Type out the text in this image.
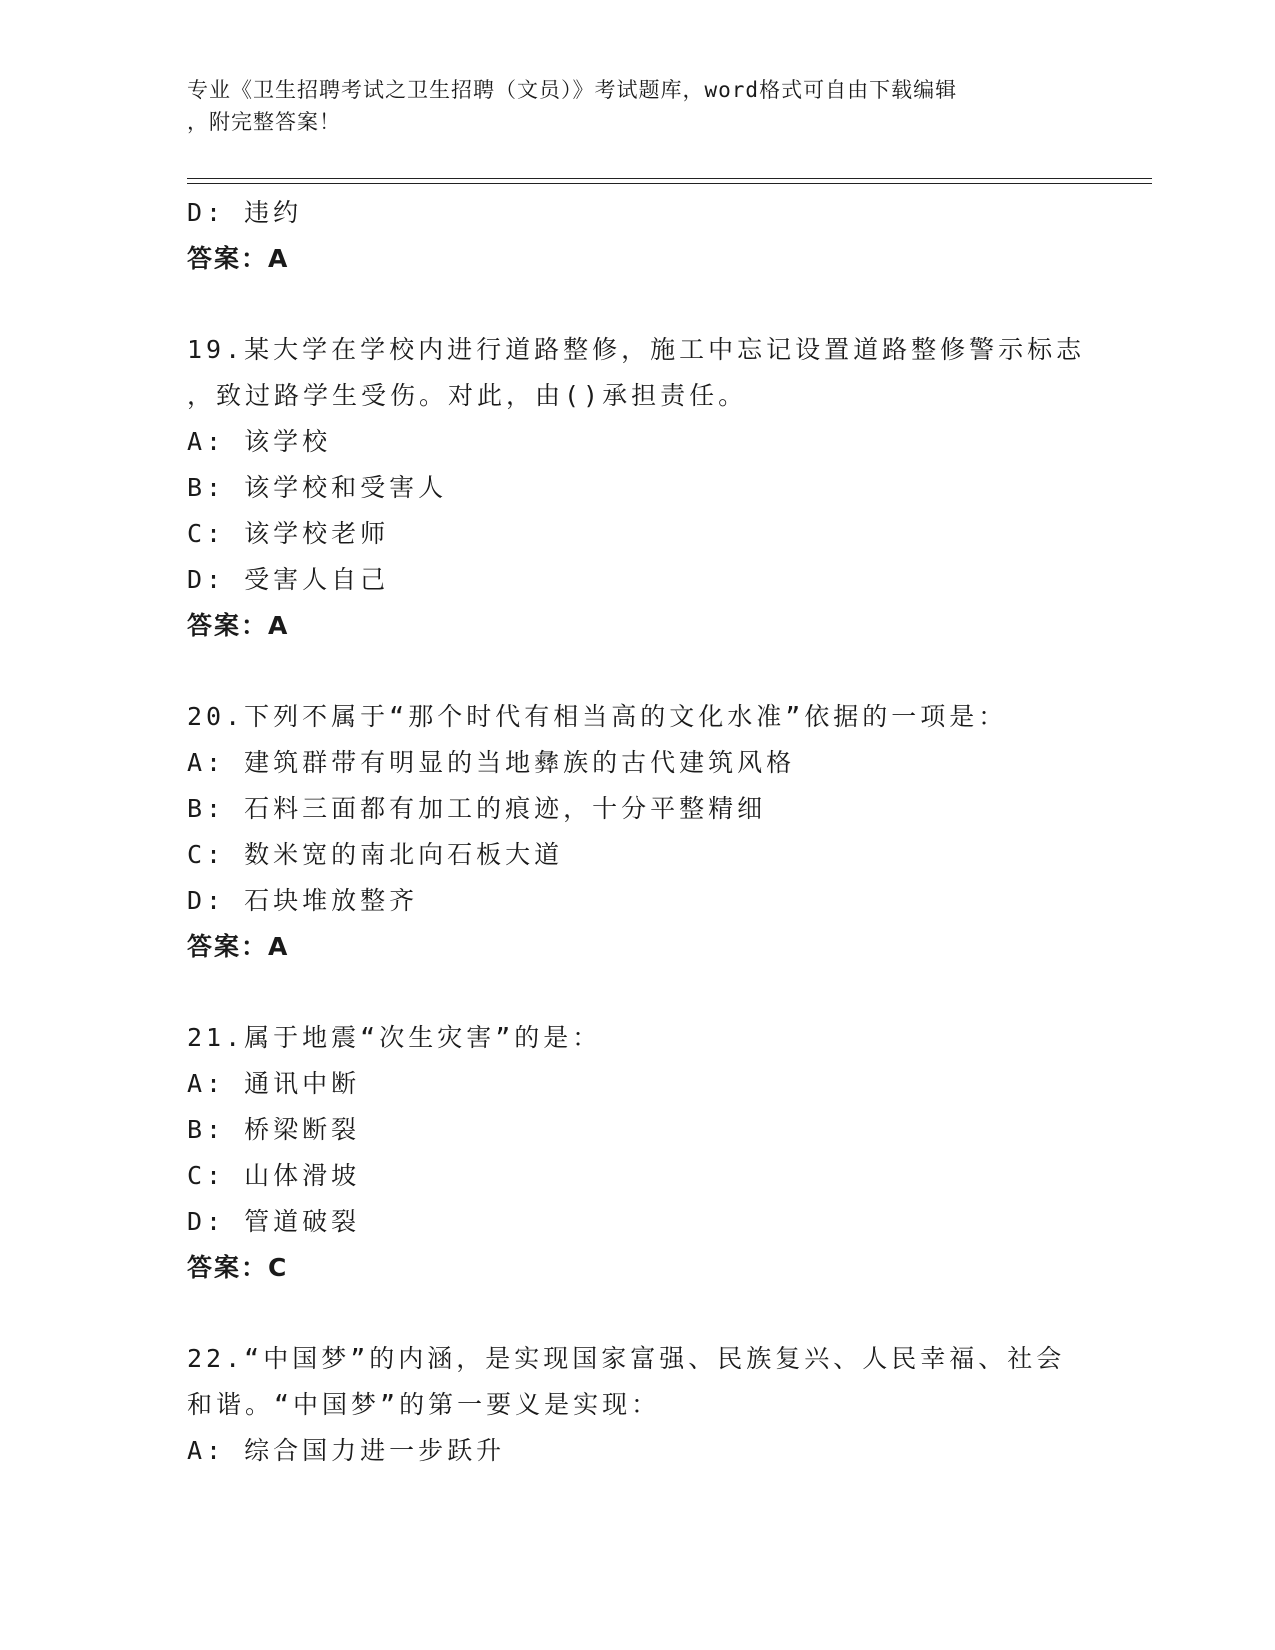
专业《卫生招聘考试之卫生招聘（文员）》考试题库，word格式可自由下载编辑
，附完整答案！
D: 违约
答案：A
19.某大学在学校内进行道路整修，施工中忘记设置道路整修警示标志
，致过路学生受伤。对此，由()承担责任。
A: 该学校
B: 该学校和受害人
C: 该学校老师
D: 受害人自己
答案：A
20.下列不属于“那个时代有相当高的文化水准”依据的一项是：
A: 建筑群带有明显的当地彝族的古代建筑风格
B: 石料三面都有加工的痕迹，十分平整精细
C: 数米宽的南北向石板大道
D: 石块堆放整齐
答案：A
21.属于地震“次生灾害”的是：
A: 通讯中断
B: 桥梁断裂
C: 山体滑坡
D: 管道破裂
答案：C
22.“中国梦”的内涵，是实现国家富强、民族复兴、人民幸福、社会
和谐。“中国梦”的第一要义是实现：
A: 综合国力进一步跃升
